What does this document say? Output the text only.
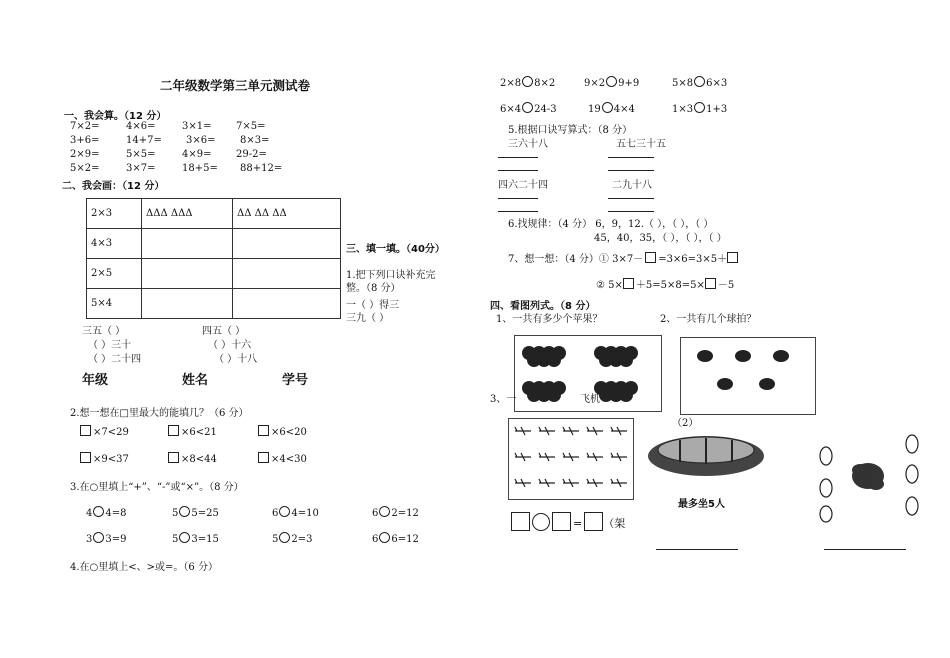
二年级数学第三单元测试卷
一、我会算。（12 分）
7×2=	4×6=	3×1= 7×5=
3+6=	14+7= 3×6= 8×3=
2×9=	5×5=	4×9= 29-2=
5×2=	3×7=	18+5= 88+12=
二、我会画：（12 分）
2×3	ΔΔΔ ΔΔΔ	ΔΔ ΔΔ ΔΔ
4×3		
2×5		
5×4		
三、填一填。（40分）
1.把下列口诀补充完整。（8 分）
一（ ）得三
三九（ ）
三五（ ）	四五（ ）
（ ）三十	（ ）十六
（ ）二十四	（ ）十八
年级	姓名	学号
2.想一想在□里最大的能填几？（6 分）
×7<29	×6<21	×6<20
×9<37	×8<44	×4<30
3.在○里填上“+”、“-”或“×”。（8 分）
4 4=8	5 5=25	6 4=10	6 2=12
3 3=9	5 3=15	5 2=3	6 6=12
4.在○里填上<、>或=。（6 分）
2×8 8×2	9×2 9+9	5×8 6×3
6×4 24-3	19 4×4	1×3 1+3
5.根据口诀写算式：（8 分）
三六十八	五七三十五
四六二十四	二九十八
6.找规律：（4 分） 6，9，12.（ ），（ ），（ ）
45，40，35，（ ），（ ），（ ）
7、想一想：（4 分）① 3×7－ =3×6=3×5＋
② 5× ＋5=5×8=5× －5
四、看图列式。（8 分）
1、一共有多少个苹果？	2、一共有几个球拍？
3、一	飞机
（2）
最多坐5人
= （架
